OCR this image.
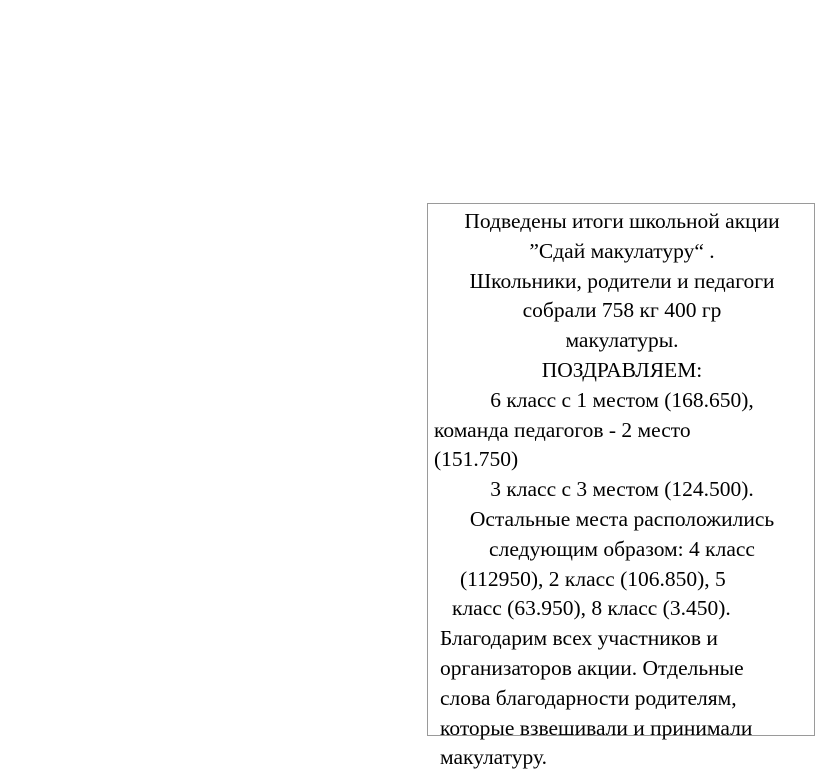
Подведены итоги школьной акции
”Сдай макулатуру“ .
Школьники, родители и педагоги
собрали 758 кг 400 гр
макулатуры.
ПОЗДРАВЛЯЕМ:
6 класс с 1 местом (168.650),
команда педагогов - 2 место
(151.750)
3 класс с 3 местом (124.500).
Остальные места расположились
следующим образом: 4 класс
(112950), 2 класс (106.850), 5
класс (63.950), 8 класс (3.450).
Благодарим всех участников и
организаторов акции. Отдельные
слова благодарности родителям,
которые взвешивали и принимали
макулатуру.
